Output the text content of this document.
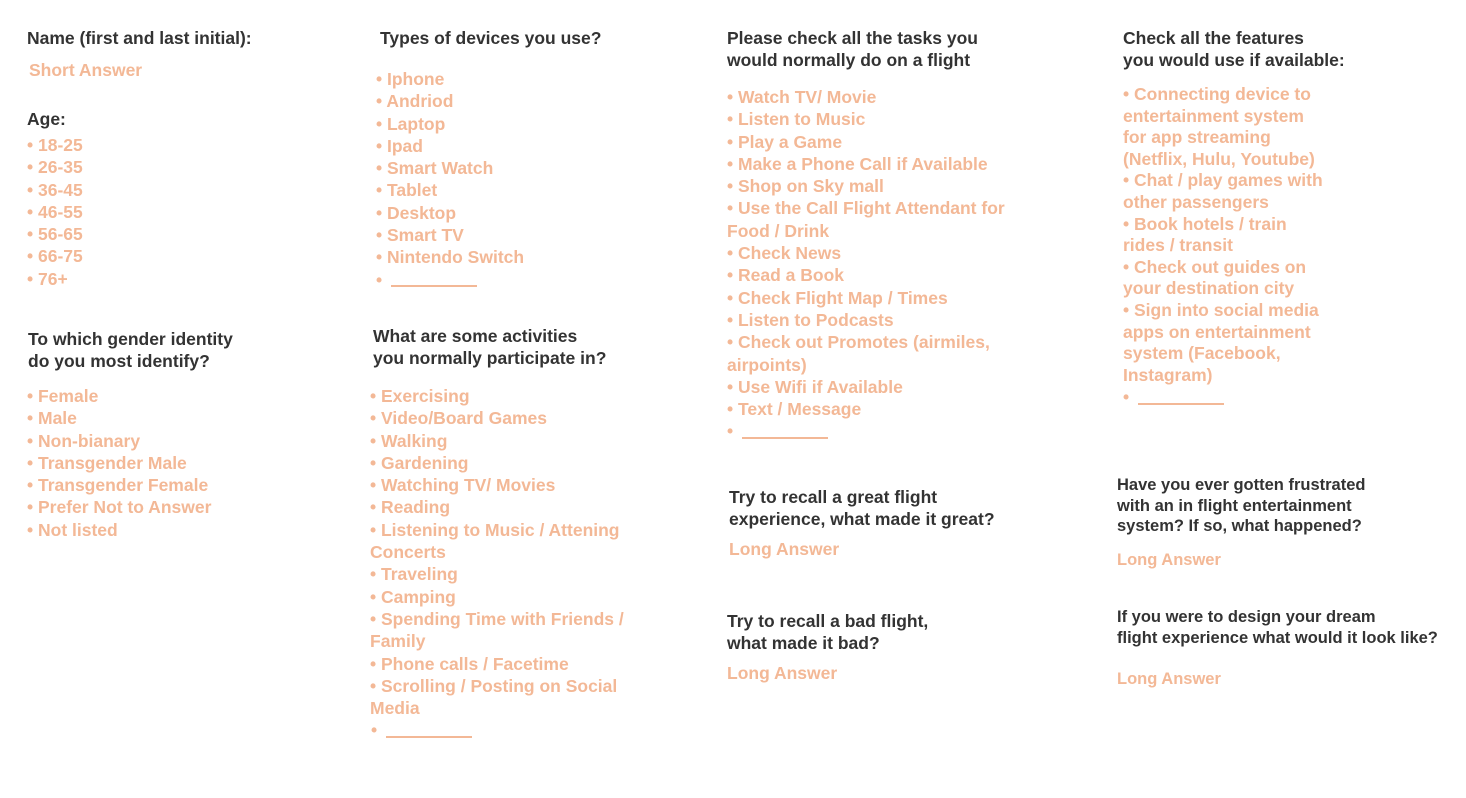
Name (first and last initial):

Short Answer

Age:

• 18-25
• 26-35
• 36-45
• 46-55
• 56-65
• 66-75
• 76+

To which gender identity
do you most identify?

• Female
• Male
• Non-bianary
• Transgender Male
• Transgender Female
• Prefer Not to Answer
• Not listed

Types of devices you use?

• Iphone
• Andriod
• Laptop
• Ipad
• Smart Watch
• Tablet
• Desktop
• Smart TV
• Nintendo Switch
•

What are some activities
you normally participate in?

• Exercising
• Video/Board Games
• Walking
• Gardening
• Watching TV/ Movies
• Reading
• Listening to Music / Attening
Concerts
• Traveling
• Camping
• Spending Time with Friends /
Family
• Phone calls / Facetime
• Scrolling / Posting on Social
Media
•

Please check all the tasks you
would normally do on a flight

• Watch TV/ Movie
• Listen to Music
• Play a Game
• Make a Phone Call if Available
• Shop on Sky mall
• Use the Call Flight Attendant for
Food / Drink
• Check News
• Read a Book
• Check Flight Map / Times
• Listen to Podcasts
• Check out Promotes (airmiles,
airpoints)
• Use Wifi if Available
• Text / Message
•

Try to recall a great flight
experience, what made it great?

Long Answer

Try to recall a bad flight,
what made it bad?

Long Answer

Check all the features
you would use if available:

• Connecting device to
entertainment system
for app streaming
(Netflix, Hulu, Youtube)
• Chat / play games with
other passengers
• Book hotels / train
rides / transit
• Check out guides on
your destination city
• Sign into social media
apps on entertainment
system (Facebook,
Instagram)
•

Have you ever gotten frustrated
with an in flight entertainment
system? If so, what happened?

Long Answer

If you were to design your dream
flight experience what would it look like?

Long Answer
